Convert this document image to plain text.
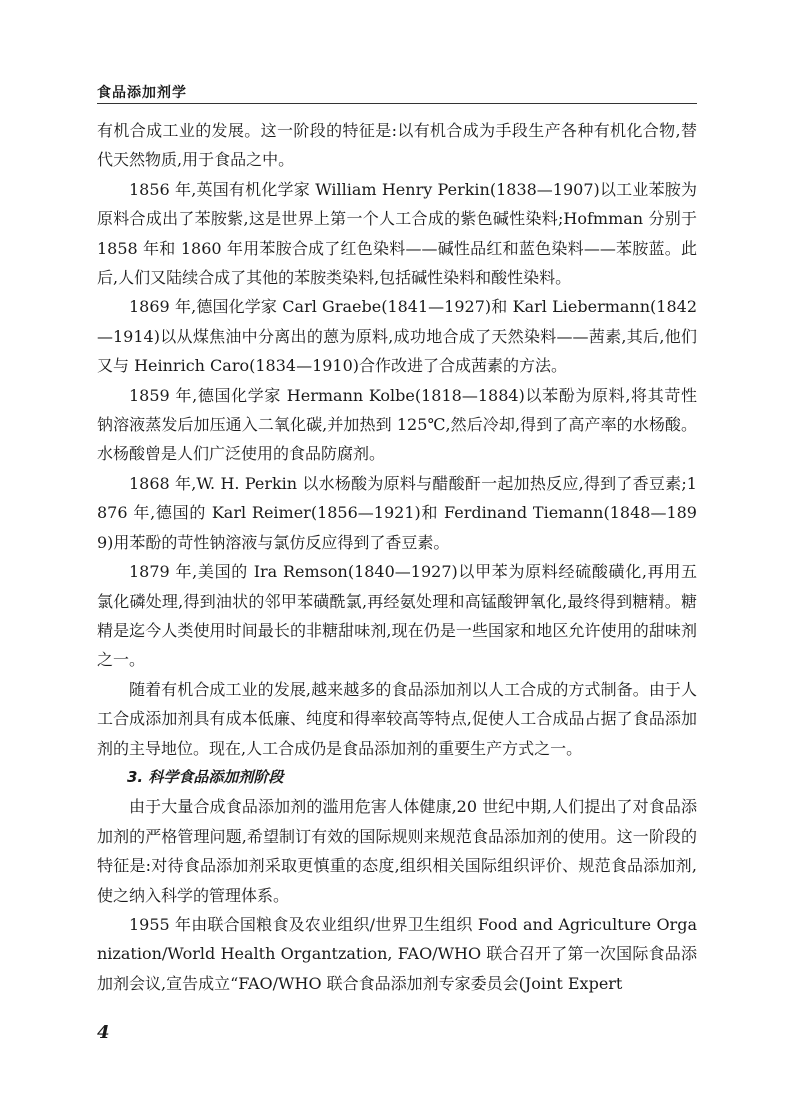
食品添加剂学

有机合成工业的发展。这一阶段的特征是:以有机合成为手段生产各种有机化合物,替代天然物质,用于食品之中。

1856 年,英国有机化学家 William Henry Perkin(1838—1907)以工业苯胺为原料合成出了苯胺紫,这是世界上第一个人工合成的紫色碱性染料;Hofmman 分别于 1858 年和 1860 年用苯胺合成了红色染料——碱性品红和蓝色染料——苯胺蓝。此后,人们又陆续合成了其他的苯胺类染料,包括碱性染料和酸性染料。

1869 年,德国化学家 Carl Graebe(1841—1927)和 Karl Liebermann(1842—1914)以从煤焦油中分离出的蒽为原料,成功地合成了天然染料——茜素,其后,他们又与 Heinrich Caro(1834—1910)合作改进了合成茜素的方法。

1859 年,德国化学家 Hermann Kolbe(1818—1884)以苯酚为原料,将其苛性钠溶液蒸发后加压通入二氧化碳,并加热到 125℃,然后冷却,得到了高产率的水杨酸。水杨酸曾是人们广泛使用的食品防腐剂。

1868 年,W. H. Perkin 以水杨酸为原料与醋酸酐一起加热反应,得到了香豆素;1876 年,德国的 Karl Reimer(1856—1921)和 Ferdinand Tiemann(1848—1899)用苯酚的苛性钠溶液与氯仿反应得到了香豆素。

1879 年,美国的 Ira Remson(1840—1927)以甲苯为原料经硫酸磺化,再用五氯化磷处理,得到油状的邻甲苯磺酰氯,再经氨处理和高锰酸钾氧化,最终得到糖精。糖精是迄今人类使用时间最长的非糖甜味剂,现在仍是一些国家和地区允许使用的甜味剂之一。

随着有机合成工业的发展,越来越多的食品添加剂以人工合成的方式制备。由于人工合成添加剂具有成本低廉、纯度和得率较高等特点,促使人工合成品占据了食品添加剂的主导地位。现在,人工合成仍是食品添加剂的重要生产方式之一。

3. 科学食品添加剂阶段

由于大量合成食品添加剂的滥用危害人体健康,20 世纪中期,人们提出了对食品添加剂的严格管理问题,希望制订有效的国际规则来规范食品添加剂的使用。这一阶段的特征是:对待食品添加剂采取更慎重的态度,组织相关国际组织评价、规范食品添加剂,使之纳入科学的管理体系。

1955 年由联合国粮食及农业组织/世界卫生组织 Food and Agriculture Organization/World Health Organtzation, FAO/WHO 联合召开了第一次国际食品添加剂会议,宣告成立“FAO/WHO 联合食品添加剂专家委员会(Joint Expert

4
